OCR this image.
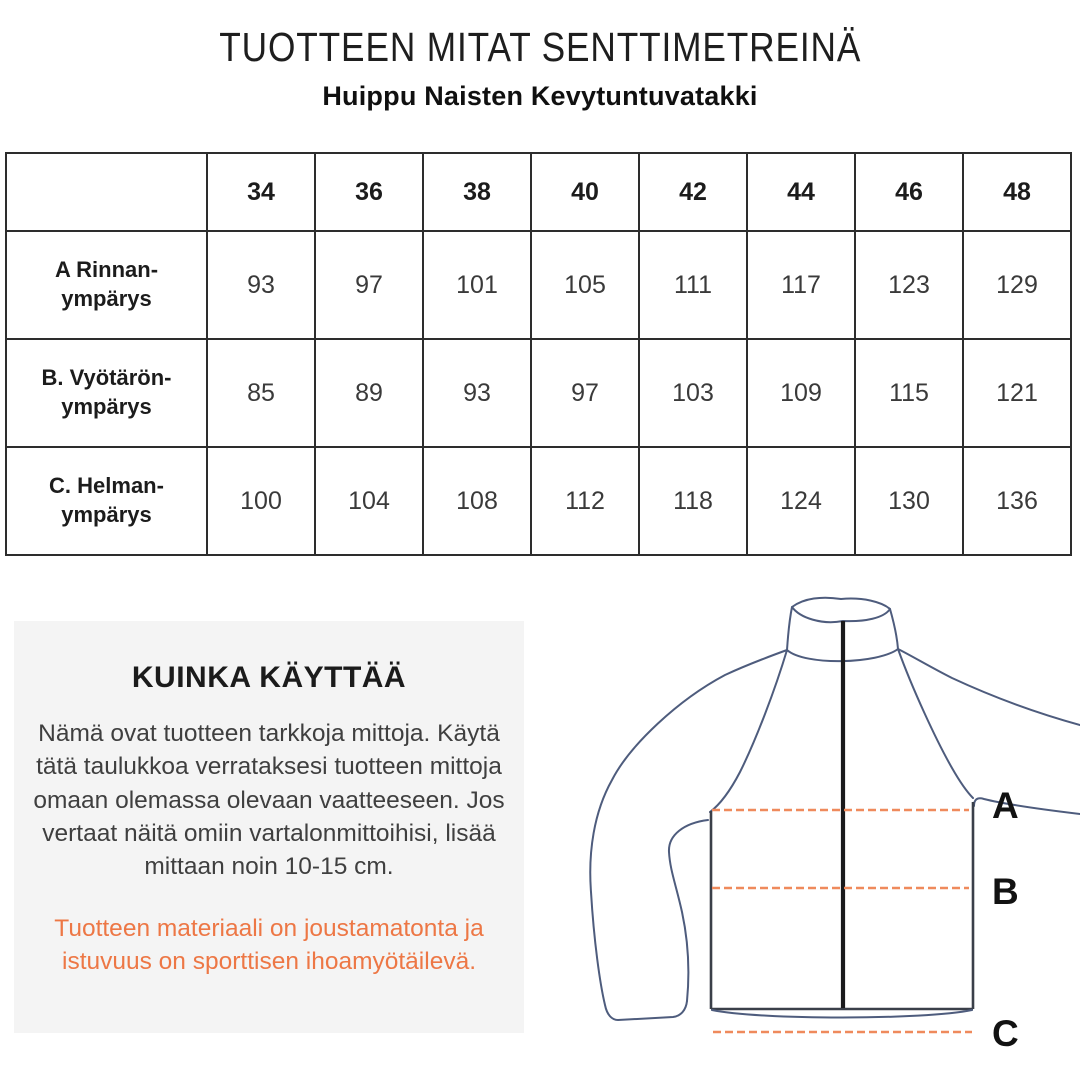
TUOTTEEN MITAT SENTTIMETREINÄ
Huippu Naisten Kevytuntuvatakki
	34	36	38	40	42	44	46	48
A Rinnan-
ympärys	93	97	101	105	111	117	123	129
B. Vyötärön-
ympärys	85	89	93	97	103	109	115	121
C. Helman-
ympärys	100	104	108	112	118	124	130	136
KUINKA KÄYTTÄÄ

Nämä ovat tuotteen tarkkoja mittoja. Käytä tätä taulukkoa verrataksesi tuotteen mittoja omaan olemassa olevaan vaatteeseen. Jos vertaat näitä omiin vartalonmittoihisi, lisää mittaan noin 10-15 cm.

Tuotteen materiaali on joustamatonta ja istuvuus on sporttisen ihoamyötäilevä.

A
B
C
